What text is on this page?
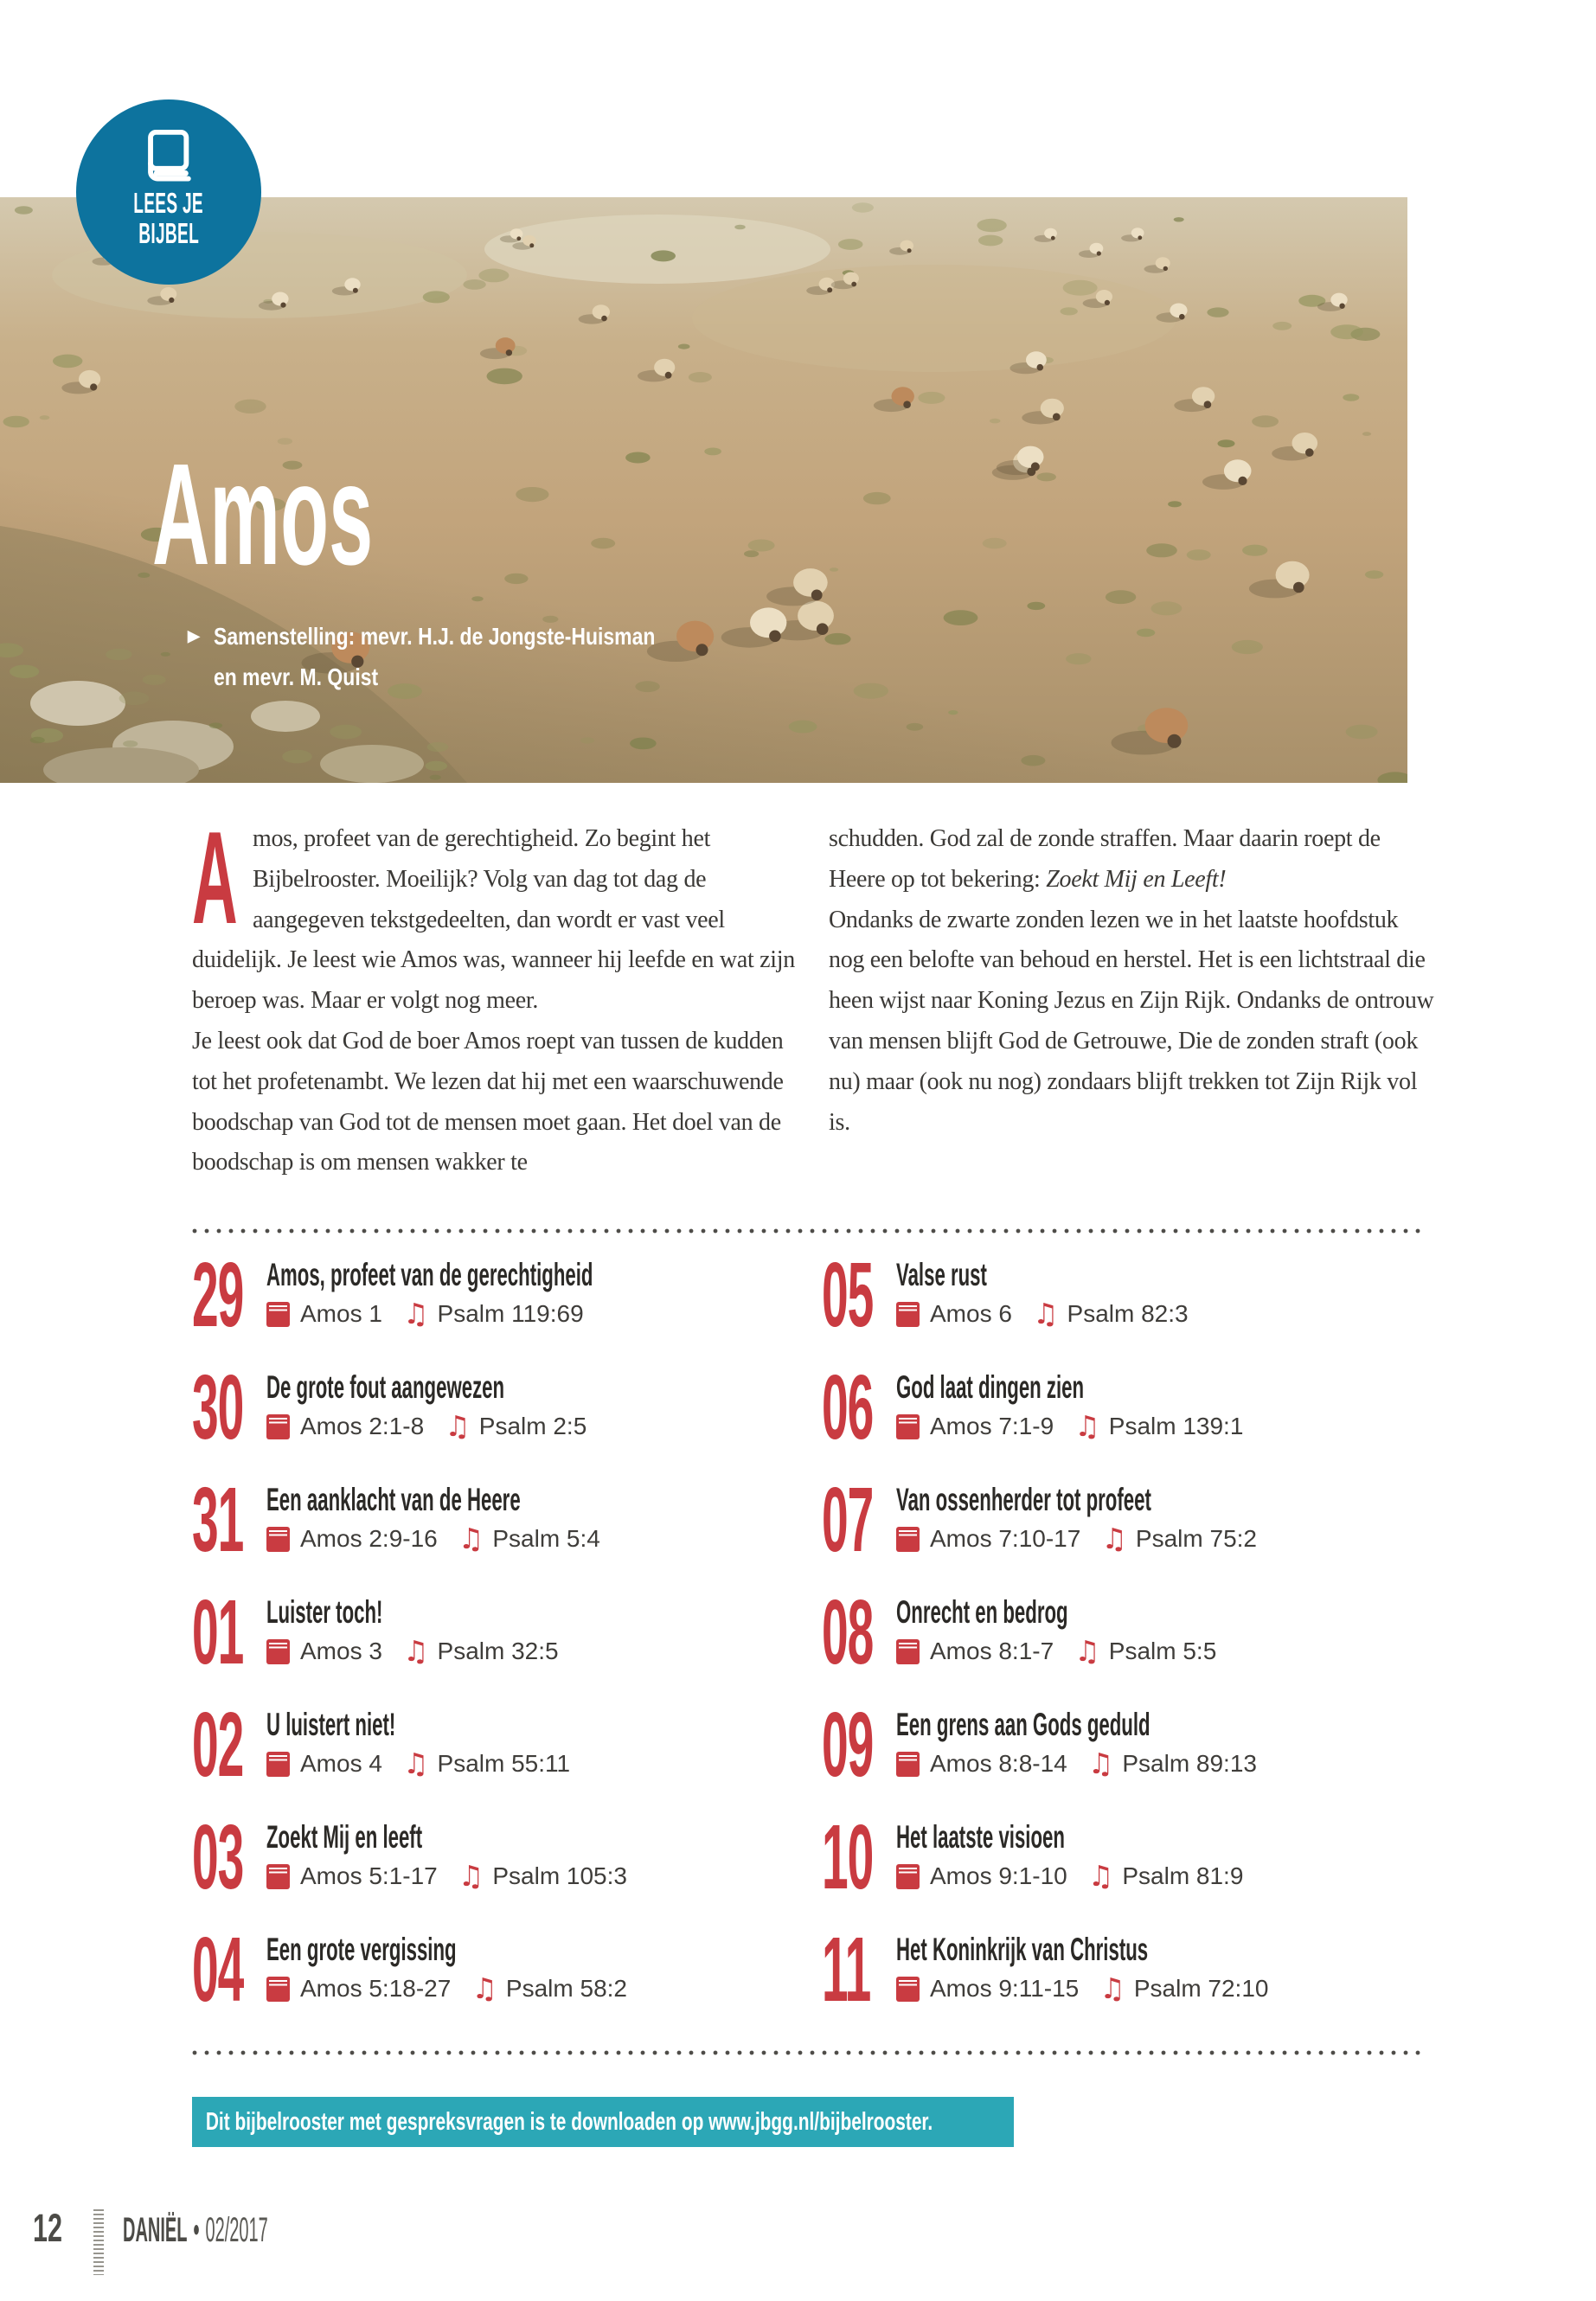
LEES JE
BIJBEL
Amos
▶ Samenstelling: mevr. H.J. de Jongste-Huisman
en mevr. M. Quist

Amos, profeet van de gerechtigheid. Zo begint het Bijbelrooster. Moeilijk? Volg van dag tot dag de aangegeven tekstgedeelten, dan wordt er vast veel duidelijk. Je leest wie Amos was, wanneer hij leefde en wat zijn beroep was. Maar er volgt nog meer.

Je leest ook dat God de boer Amos roept van tussen de kudden tot het profetenambt. We lezen dat hij met een waarschuwende boodschap van God tot de mensen moet gaan. Het doel van de boodschap is om mensen wakker te

schudden. God zal de zonde straffen. Maar daarin roept de Heere op tot bekering: Zoekt Mij en Leeft!

Ondanks de zwarte zonden lezen we in het laatste hoofdstuk nog een belofte van behoud en herstel. Het is een lichtstraal die heen wijst naar Koning Jezus en Zijn Rijk. Ondanks de ontrouw van mensen blijft God de Getrouwe, Die de zonden straft (ook nu) maar (ook nu nog) zondaars blijft trekken tot Zijn Rijk vol is.

29 Amos, profeet van de gerechtigheid
Amos 1 ♫ Psalm 119:69
30 De grote fout aangewezen
Amos 2:1-8 ♫ Psalm 2:5
31 Een aanklacht van de Heere
Amos 2:9-16 ♫ Psalm 5:4
01 Luister toch!
Amos 3 ♫ Psalm 32:5
02 U luistert niet!
Amos 4 ♫ Psalm 55:11
03 Zoekt Mij en leeft
Amos 5:1-17 ♫ Psalm 105:3
04 Een grote vergissing
Amos 5:18-27 ♫ Psalm 58:2
05 Valse rust
Amos 6 ♫ Psalm 82:3
06 God laat dingen zien
Amos 7:1-9 ♫ Psalm 139:1
07 Van ossenherder tot profeet
Amos 7:10-17 ♫ Psalm 75:2
08 Onrecht en bedrog
Amos 8:1-7 ♫ Psalm 5:5
09 Een grens aan Gods geduld
Amos 8:8-14 ♫ Psalm 89:13
10 Het laatste visioen
Amos 9:1-10 ♫ Psalm 81:9
11 Het Koninkrijk van Christus
Amos 9:11-15 ♫ Psalm 72:10
Dit bijbelrooster met gespreksvragen is te downloaden op www.jbgg.nl/bijbelrooster.
12 DANIËL • 02/2017
